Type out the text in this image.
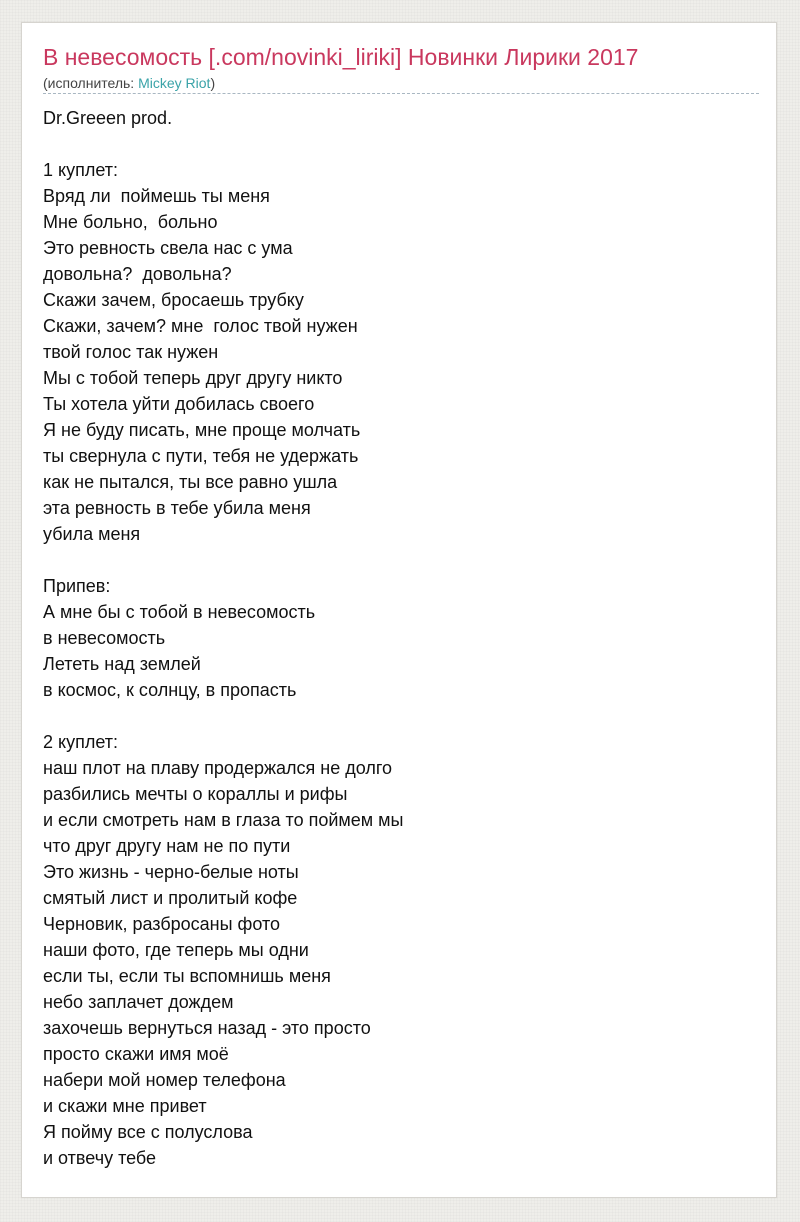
В невесомость [.com/novinki_liriki] Новинки Лирики 2017
(исполнитель: Mickey Riot)
Dr.Greeen prod.
1 куплет:
Вряд ли  поймешь ты меня
Мне больно,  больно
Это ревность свела нас с ума
довольна?  довольна?
Скажи зачем, бросаешь трубку
Скажи, зачем? мне  голос твой нужен
твой голос так нужен
Мы с тобой теперь друг другу никто
Ты хотела уйти добилась своего
Я не буду писать, мне проще молчать
ты свернула с пути, тебя не удержать
как не пытался, ты все равно ушла
эта ревность в тебе убила меня
убила меня
Припев:
А мне бы с тобой в невесомость
в невесомость
Лететь над землей
в космос, к солнцу, в пропасть
2 куплет:
наш плот на плаву продержался не долго
разбились мечты о кораллы и рифы
и если смотреть нам в глаза то поймем мы
что друг другу нам не по пути
Это жизнь - черно-белые ноты
смятый лист и пролитый кофе
Черновик, разбросаны фото
наши фото, где теперь мы одни
если ты, если ты вспомнишь меня
небо заплачет дождем
захочешь вернуться назад - это просто
просто скажи имя моё
набери мой номер телефона
и скажи мне привет
Я пойму все с полуслова
и отвечу тебе
